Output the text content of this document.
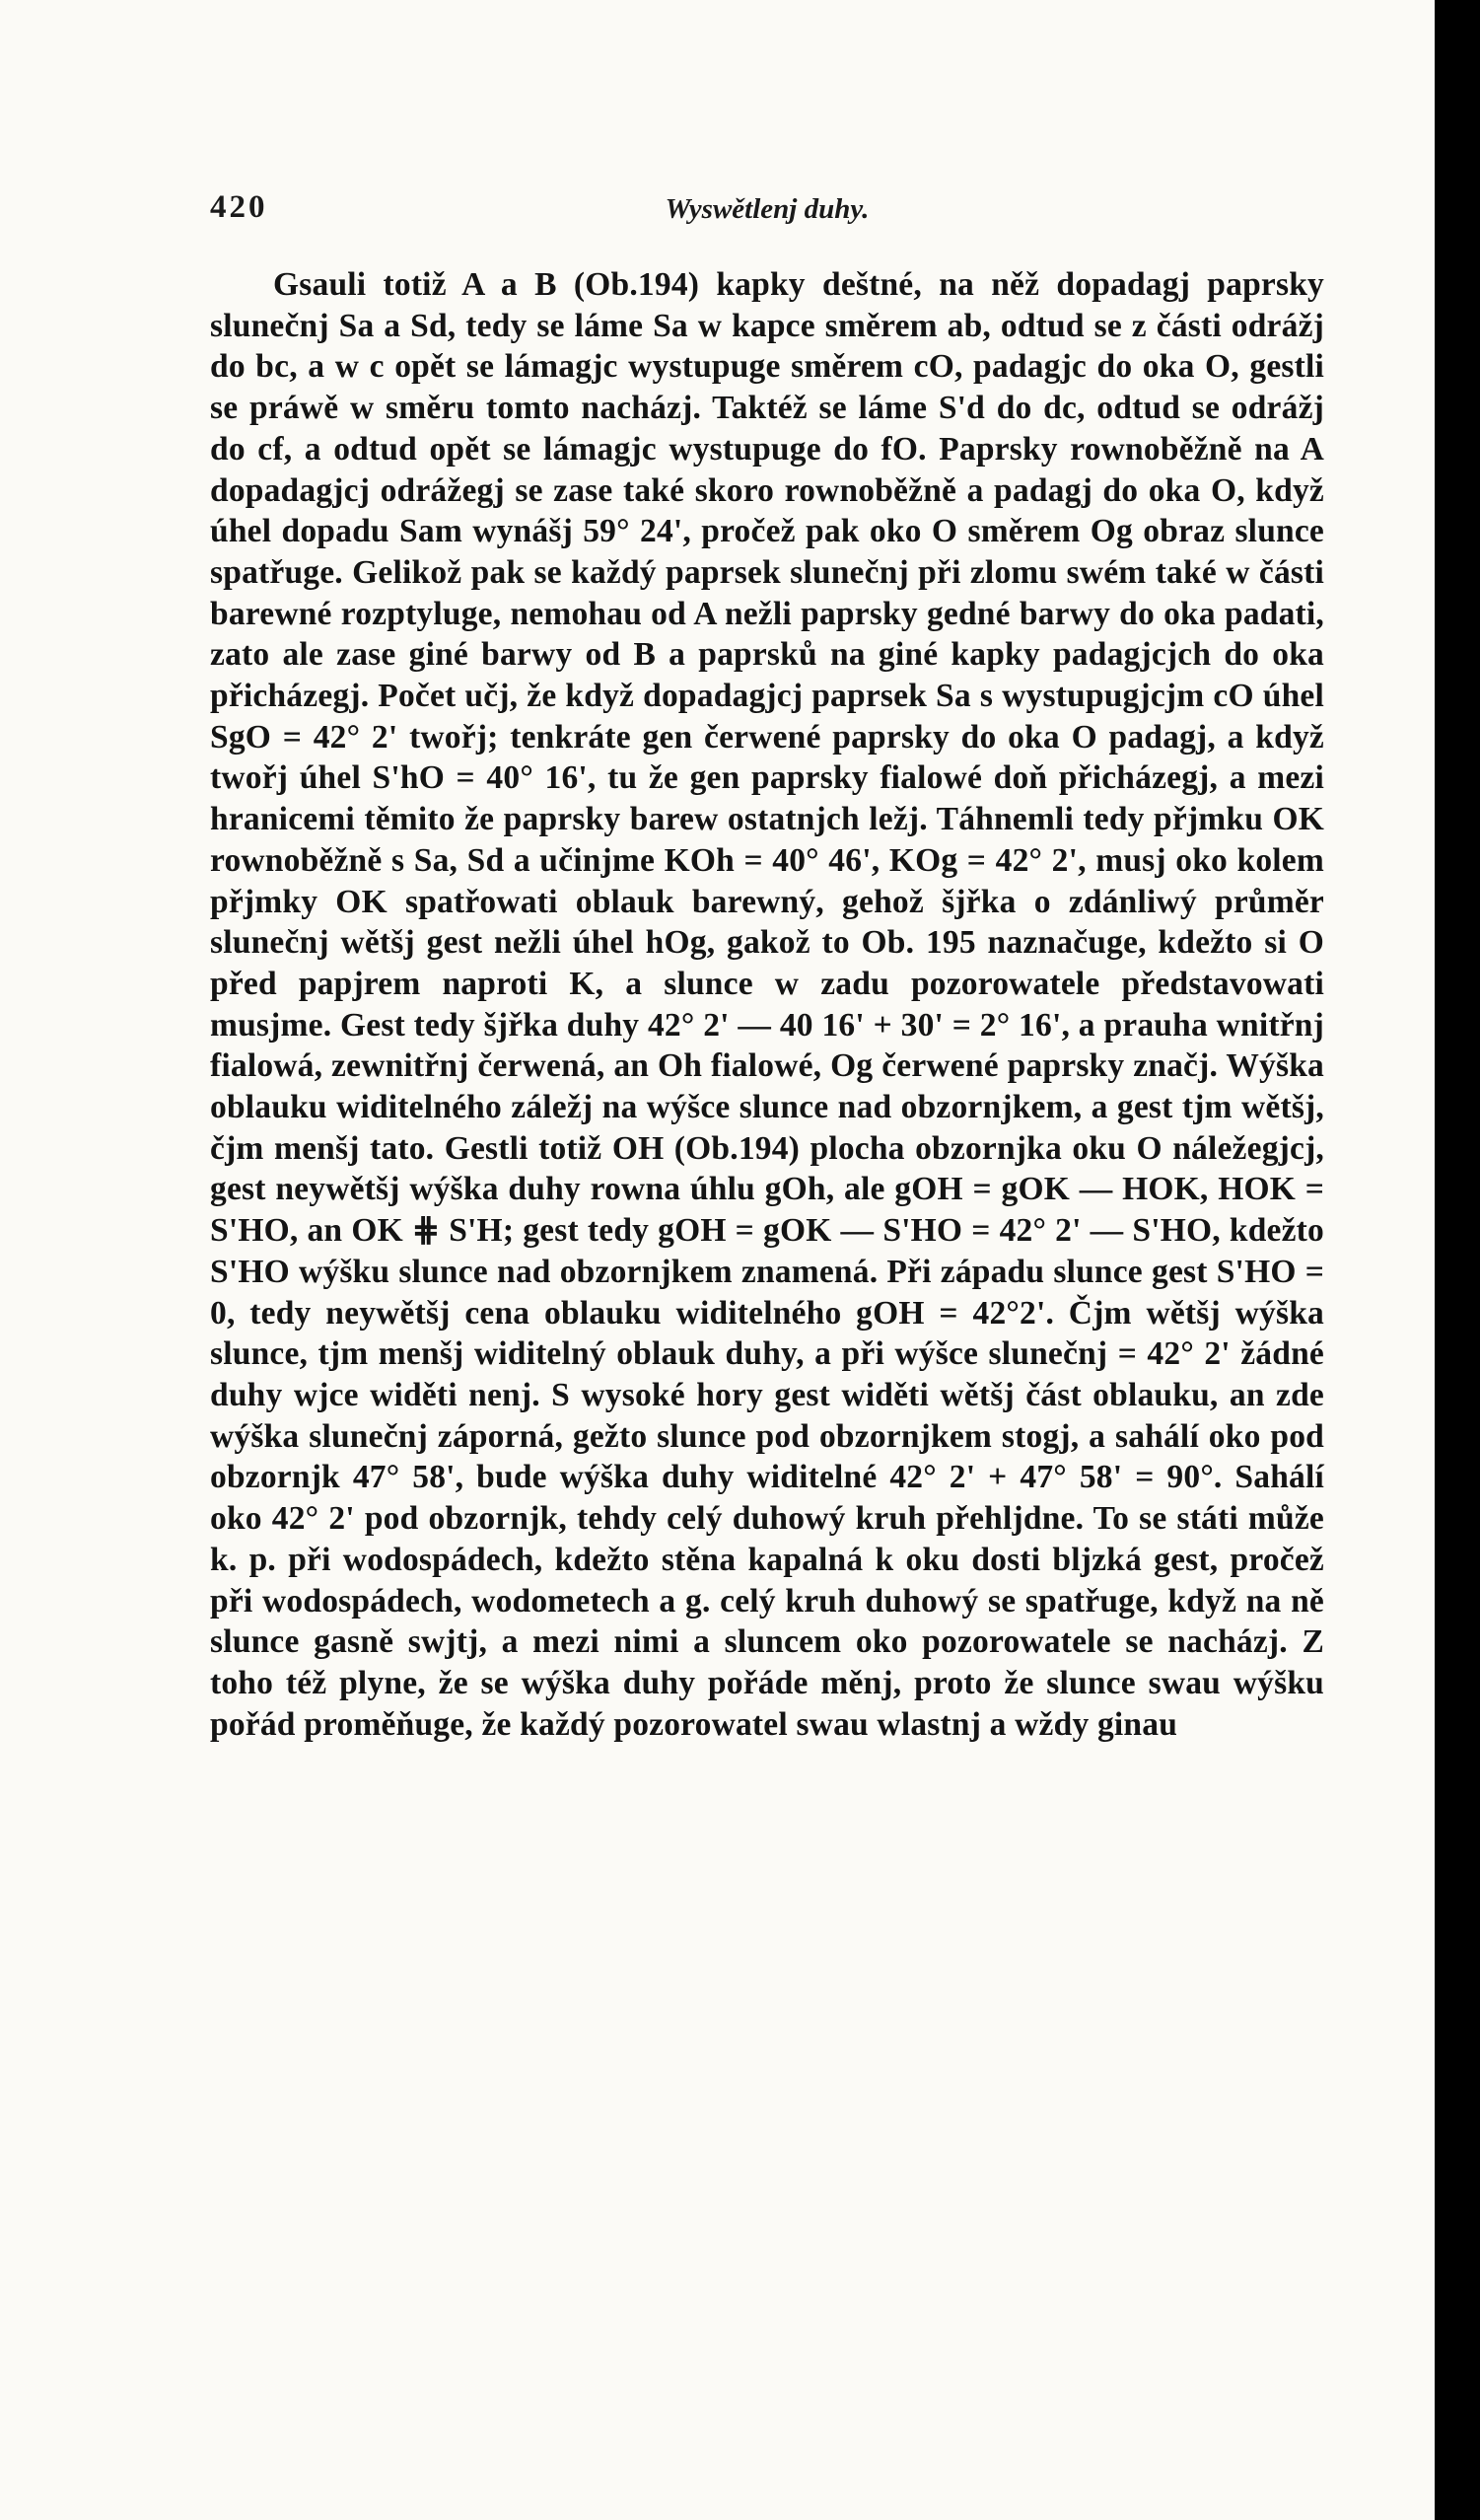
420	Wyswětlenj duhy.

Gsauli totiž A a B (Ob.194) kapky deštné, na něž dopadagj paprsky slunečnj Sa a Sd, tedy se láme Sa w kapce směrem ab, odtud se z části odrážj do bc, a w c opět se lámagjc wystupuge směrem cO, padagjc do oka O, gestli se práwě w směru tomto nacházj. Taktéž se láme S'd do dc, odtud se odrážj do cf, a odtud opět se lámagjc wystupuge do fO. Paprsky rownoběžně na A dopadagjcj odrážegj se zase také skoro rownoběžně a padagj do oka O, když úhel dopadu Sam wynášj 59° 24', pročež pak oko O směrem Og obraz slunce spatřuge. Gelikož pak se každý paprsek slunečnj při zlomu swém také w části barewné rozptyluge, nemohau od A nežli paprsky gedné barwy do oka padati, zato ale zase giné barwy od B a paprsků na giné kapky padagjcjch do oka přicházegj. Počet učj, že když dopadagjcj paprsek Sa s wystupugjcjm cO úhel SgO = 42° 2' twořj; tenkráte gen čerwené paprsky do oka O padagj, a když twořj úhel S'hO = 40° 16', tu že gen paprsky fialowé doň přicházegj, a mezi hranicemi těmito že paprsky barew ostatnjch ležj. Táhnemli tedy přjmku OK rownoběžně s Sa, Sd a učinjme KOh = 40° 46', KOg = 42° 2', musj oko kolem přjmky OK spatřowati oblauk barewný, gehož šjřka o zdánliwý průměr slunečnj wětšj gest nežli úhel hOg, gakož to Ob. 195 naznačuge, kdežto si O před papjrem naproti K, a slunce w zadu pozorowatele představowati musjme. Gest tedy šjřka duhy 42° 2' — 40 16' + 30' = 2° 16', a prauha wnitřnj fialowá, zewnitřnj čerwená, an Oh fialowé, Og čerwené paprsky značj. Wýška oblauku widitelného záležj na wýšce slunce nad obzornjkem, a gest tjm wětšj, čjm menšj tato. Gestli totiž OH (Ob.194) plocha obzornjka oku O náležegjcj, gest neywětšj wýška duhy rowna úhlu gOh, ale gOH = gOK — HOK, HOK = S'HO, an OK ⋕ S'H; gest tedy gOH = gOK — S'HO = 42° 2' — S'HO, kdežto S'HO wýšku slunce nad obzornjkem znamená. Při západu slunce gest S'HO = 0, tedy neywětšj cena oblauku widitelného gOH = 42°2'. Čjm wětšj wýška slunce, tjm menšj widitelný oblauk duhy, a při wýšce slunečnj = 42° 2' žádné duhy wjce widěti nenj. S wysoké hory gest widěti wětšj část oblauku, an zde wýška slunečnj záporná, gežto slunce pod obzornjkem stogj, a sahálí oko pod obzornjk 47° 58', bude wýška duhy widitelné 42° 2' + 47° 58' = 90°. Sahálí oko 42° 2' pod obzornjk, tehdy celý duhowý kruh přehljdne. To se státi může k. p. při wodospádech, kdežto stěna kapalná k oku dosti bljzká gest, pročež při wodospádech, wodometech a g. celý kruh duhowý se spatřuge, když na ně slunce gasně swjtj, a mezi nimi a sluncem oko pozorowatele se nacházj. Z toho též plyne, že se wýška duhy pořáde měnj, proto že slunce swau wýšku pořád proměňuge, že každý pozorowatel swau wlastnj a wždy ginau
